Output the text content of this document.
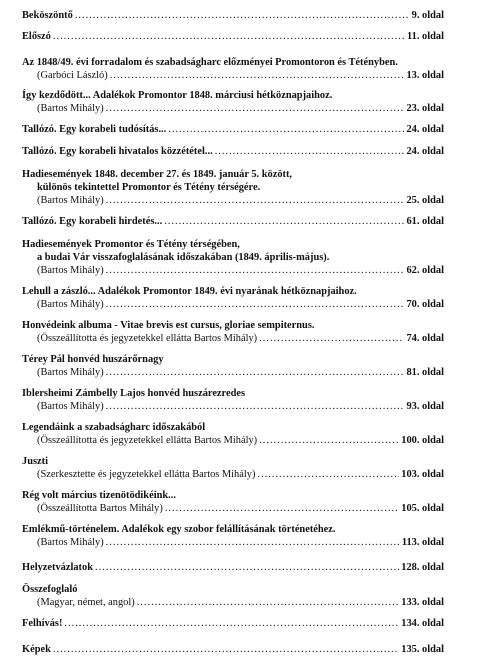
Beköszöntő .....	9. oldal
Előszó .....	11. oldal
Az 1848/49. évi forradalom és szabadságharc előzményei Promontoron és Tétényben.
(Garbóci László) .....	13. oldal
Így kezdődött... Adalékok Promontor 1848. márciusi hétköznapjaihoz.
(Bartos Mihály) .....	23. oldal
Tallózó. Egy korabeli tudósítás... .....	24. oldal
Tallózó. Egy korabeli hivatalos közzététel... .....	24. oldal
Hadiesemények 1848. december 27. és 1849. január 5. között,
különös tekintettel Promontor és Tétény térségére.
(Bartos Mihály) .....	25. oldal
Tallózó. Egy korabeli hirdetés... .....	61. oldal
Hadiesemények Promontor és Tétény térségében,
a budai Vár visszafoglalásának időszakában (1849. április-május).
(Bartos Mihály) .....	62. oldal
Lehull a zászló... Adalékok Promontor 1849. évi nyarának hétköznapjaihoz.
(Bartos Mihály) .....	70. oldal
Honvédeink albuma - Vitae brevis est cursus, gloriae sempiternus.
(Összeállította és jegyzetekkel ellátta Bartos Mihály) .....	74. oldal
Térey Pál honvéd huszárőrnagy
(Bartos Mihály) .....	81. oldal
Iblersheimi Zámbelly Lajos honvéd huszárezredes
(Bartos Mihály) .....	93. oldal
Legendáink a szabadságharc időszakából
(Összeállította és jegyzetekkel ellátta Bartos Mihály) .....	100. oldal
Juszti
(Szerkesztette és jegyzetekkel ellátta Bartos Mihály) .....	103. oldal
Rég volt március tizenötödikéink...
(Összeállította Bartos Mihály) .....	105. oldal
Emlékmű-történelem. Adalékok egy szobor felállításának történetéhez.
(Bartos Mihály) .....	113. oldal
Helyzetvázlatok .....	128. oldal
Összefoglaló
(Magyar, német, angol) .....	133. oldal
Felhívás! .....	134. oldal
Képek .....	135. oldal
